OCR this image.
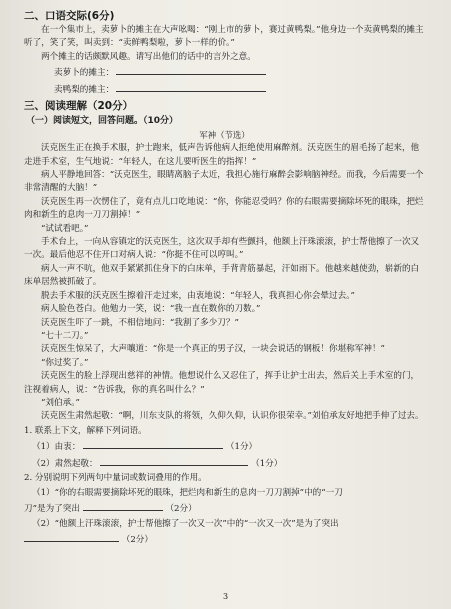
二、口语交际(6分)

在一个集市上，卖萝卜的摊主在大声吆喝：“刚上市的萝卜，赛过黄鸭梨。”他身边一个卖黄鸭梨的摊主听了，笑了笑，叫卖到：“卖鲜鸭梨啦，萝卜一样的价。”

两个摊主的话颇默风趣。请写出他们的话中的言外之意。

卖萝卜的摊主：
卖鸭梨的摊主：
三、阅读理解（20分）
（一）阅读短文，回答问题。（10分）
军神（节选）

沃克医生正在换手术服，护士跑来，低声告诉他病人拒绝使用麻醉剂。沃克医生的眉毛扬了起来，他走进手术室，生气地说：“年轻人，在这儿要听医生的指挥！”

病人平静地回答：“沃克医生，眼睛离脑子太近，我担心施行麻醉会影响脑神经。而我，今后需要一个非常清醒的大脑！”

沃克医生再一次愣住了，竟有点儿口吃地说：“你，你能忍受吗？你的右眼需要摘除坏死的眼珠，把烂肉和新生的息肉一刀刀割掉！”

“试试看吧。”

手术台上，一向从容镇定的沃克医生，这次双手却有些颤抖，他额上汗珠滚滚，护士帮他擦了一次又一次。最后他忍不住开口对病人说：“你挺不住可以哼叫。”

病人一声不吭，他双手紧紧抓住身下的白床单，手背青筋暴起，汗如雨下。他越来越使劲，崭新的白床单居然被抓破了。

脱去手术服的沃克医生擦着汗走过来，由衷地说：“年轻人，我真担心你会晕过去。”

病人脸色苍白。他勉力一笑，说：“我一直在数你的刀数。”

沃克医生吓了一跳，不相信地问：“我割了多少刀？”

“七十二刀。”

沃克医生惊呆了，大声嚷道：“你是一个真正的男子汉，一块会说话的钢板！你堪称军神！”

“你过奖了。”

沃克医生的脸上浮现出慈祥的神情。他想说什么又忍住了，挥手让护士出去，然后关上手术室的门，注视着病人，说：“告诉我，你的真名叫什么？”

“刘伯承。”

沃克医生肃然起敬：“啊，川东支队的将领，久仰久仰，认识你很荣幸。”刘伯承友好地把手伸了过去。

1. 联系上下文，解释下列词语。
（1）由衷：	（1分）
（2）肃然起敬：	（1分）
2. 分别说明下列两句中量词或数词叠用的作用。
（1）“你的右眼需要摘除坏死的眼珠，把烂肉和新生的息肉一刀刀割掉”中的“一刀
刀”是为了突出	（2分）
（2）“他额上汗珠滚滚，护士帮他擦了一次又一次”中的“一次又一次”是为了突出
（2分）
3
